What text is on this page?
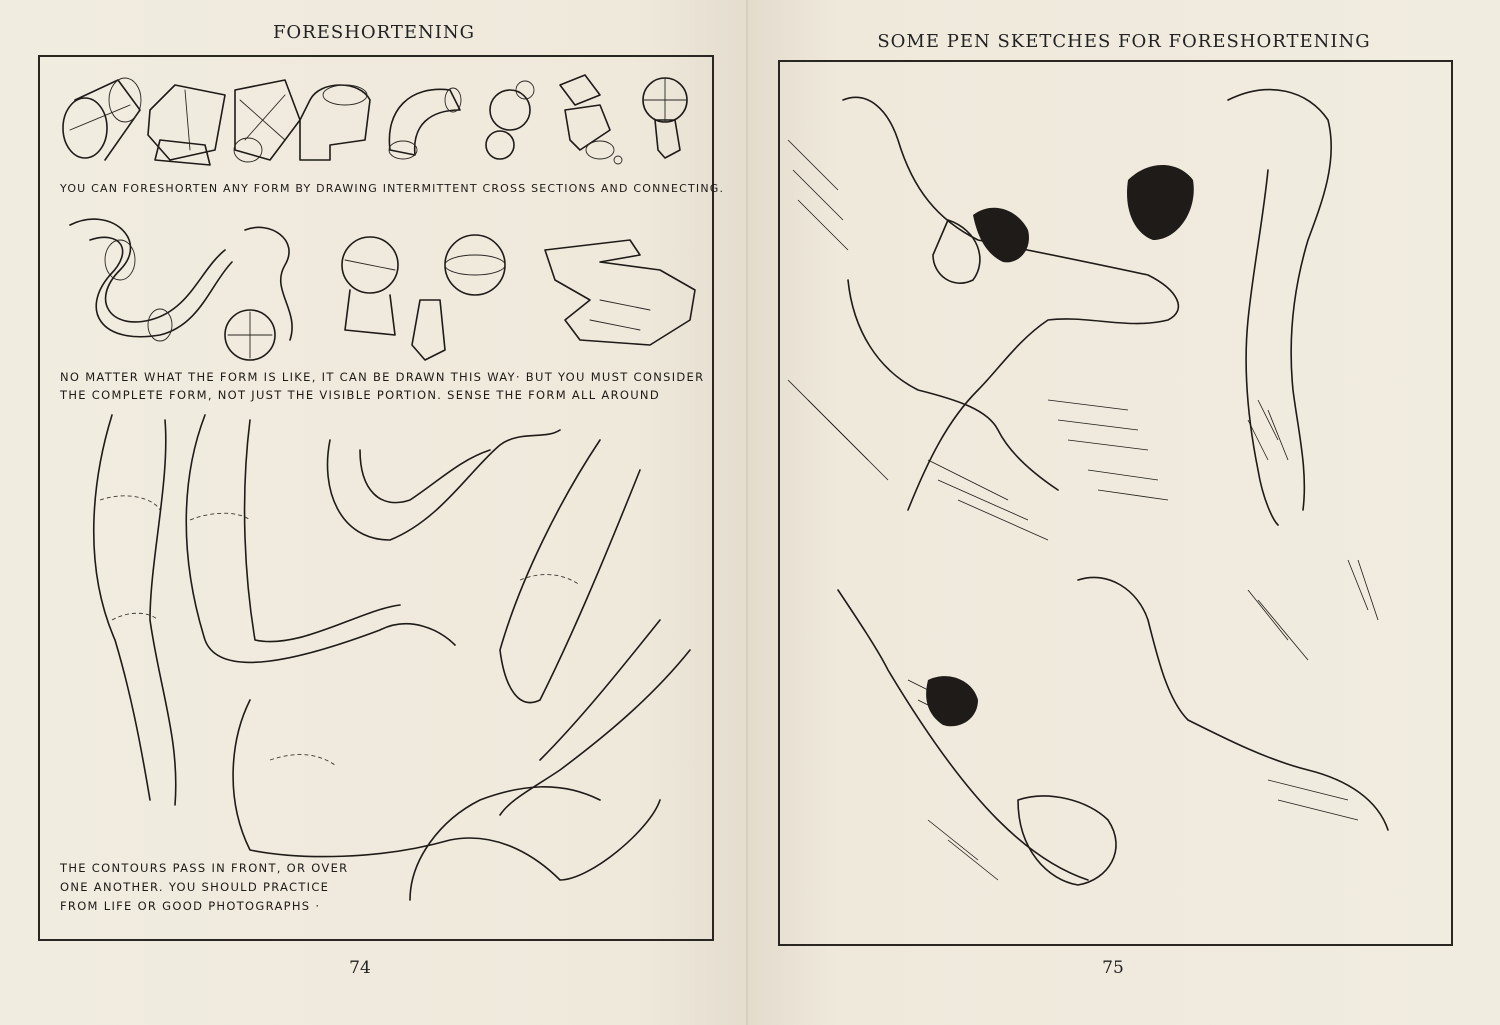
FORESHORTENING
YOU CAN FORESHORTEN ANY FORM BY DRAWING INTERMITTENT CROSS SECTIONS AND CONNECTING.
NO MATTER WHAT THE FORM IS LIKE, IT CAN BE DRAWN THIS WAY· BUT YOU MUST CONSIDER
THE COMPLETE FORM, NOT JUST THE VISIBLE PORTION. SENSE THE FORM ALL AROUND
THE CONTOURS PASS IN FRONT, OR OVER
ONE ANOTHER. YOU SHOULD PRACTICE
FROM LIFE OR GOOD PHOTOGRAPHS ·
74
SOME PEN SKETCHES FOR FORESHORTENING
75
